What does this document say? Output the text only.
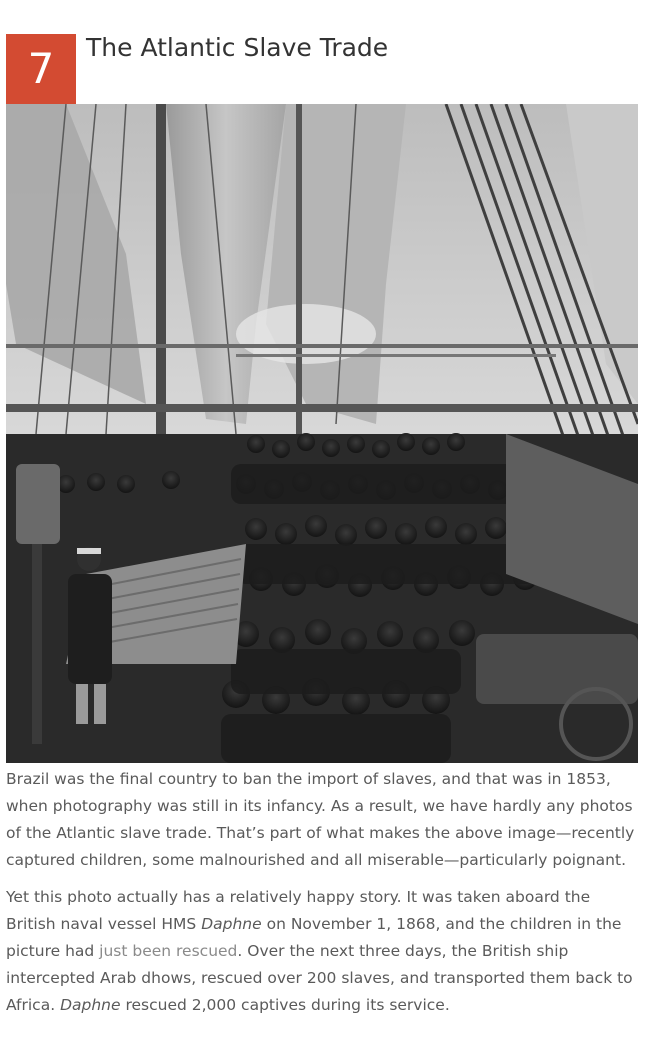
7	The Atlantic Slave Trade

Brazil was the final country to ban the import of slaves, and that was in 1853, when photography was still in its infancy. As a result, we have hardly any photos of the Atlantic slave trade. That’s part of what makes the above image—recently captured children, some malnourished and all miserable—particularly poignant.

Yet this photo actually has a relatively happy story. It was taken aboard the British naval vessel HMS Daphne on November 1, 1868, and the children in the picture had just been rescued. Over the next three days, the British ship intercepted Arab dhows, rescued over 200 slaves, and transported them back to Africa. Daphne rescued 2,000 captives during its service.
